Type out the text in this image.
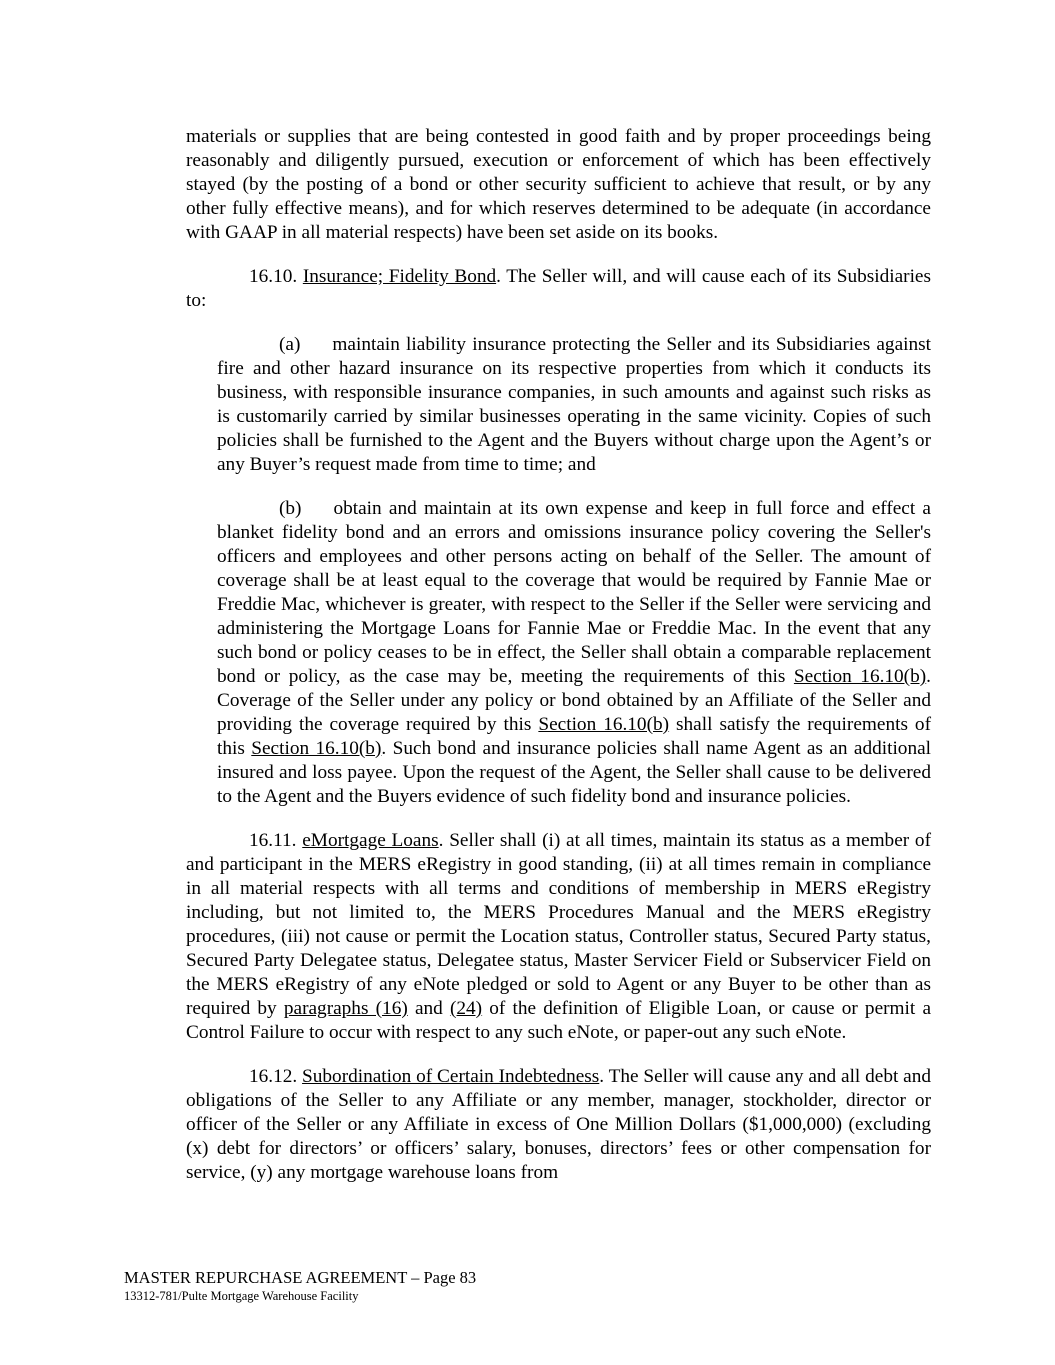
materials or supplies that are being contested in good faith and by proper proceedings being reasonably and diligently pursued, execution or enforcement of which has been effectively stayed (by the posting of a bond or other security sufficient to achieve that result, or by any other fully effective means), and for which reserves determined to be adequate (in accordance with GAAP in all material respects) have been set aside on its books.

16.10. Insurance; Fidelity Bond. The Seller will, and will cause each of its Subsidiaries to:

(a) maintain liability insurance protecting the Seller and its Subsidiaries against fire and other hazard insurance on its respective properties from which it conducts its business, with responsible insurance companies, in such amounts and against such risks as is customarily carried by similar businesses operating in the same vicinity. Copies of such policies shall be furnished to the Agent and the Buyers without charge upon the Agent’s or any Buyer’s request made from time to time; and

(b) obtain and maintain at its own expense and keep in full force and effect a blanket fidelity bond and an errors and omissions insurance policy covering the Seller's officers and employees and other persons acting on behalf of the Seller. The amount of coverage shall be at least equal to the coverage that would be required by Fannie Mae or Freddie Mac, whichever is greater, with respect to the Seller if the Seller were servicing and administering the Mortgage Loans for Fannie Mae or Freddie Mac. In the event that any such bond or policy ceases to be in effect, the Seller shall obtain a comparable replacement bond or policy, as the case may be, meeting the requirements of this Section 16.10(b). Coverage of the Seller under any policy or bond obtained by an Affiliate of the Seller and providing the coverage required by this Section 16.10(b) shall satisfy the requirements of this Section 16.10(b). Such bond and insurance policies shall name Agent as an additional insured and loss payee. Upon the request of the Agent, the Seller shall cause to be delivered to the Agent and the Buyers evidence of such fidelity bond and insurance policies.

16.11. eMortgage Loans. Seller shall (i) at all times, maintain its status as a member of and participant in the MERS eRegistry in good standing, (ii) at all times remain in compliance in all material respects with all terms and conditions of membership in MERS eRegistry including, but not limited to, the MERS Procedures Manual and the MERS eRegistry procedures, (iii) not cause or permit the Location status, Controller status, Secured Party status, Secured Party Delegatee status, Delegatee status, Master Servicer Field or Subservicer Field on the MERS eRegistry of any eNote pledged or sold to Agent or any Buyer to be other than as required by paragraphs (16) and (24) of the definition of Eligible Loan, or cause or permit a Control Failure to occur with respect to any such eNote, or paper-out any such eNote.

16.12. Subordination of Certain Indebtedness. The Seller will cause any and all debt and obligations of the Seller to any Affiliate or any member, manager, stockholder, director or officer of the Seller or any Affiliate in excess of One Million Dollars ($1,000,000) (excluding (x) debt for directors’ or officers’ salary, bonuses, directors’ fees or other compensation for service, (y) any mortgage warehouse loans from

MASTER REPURCHASE AGREEMENT – Page 83
13312-781/Pulte Mortgage Warehouse Facility
